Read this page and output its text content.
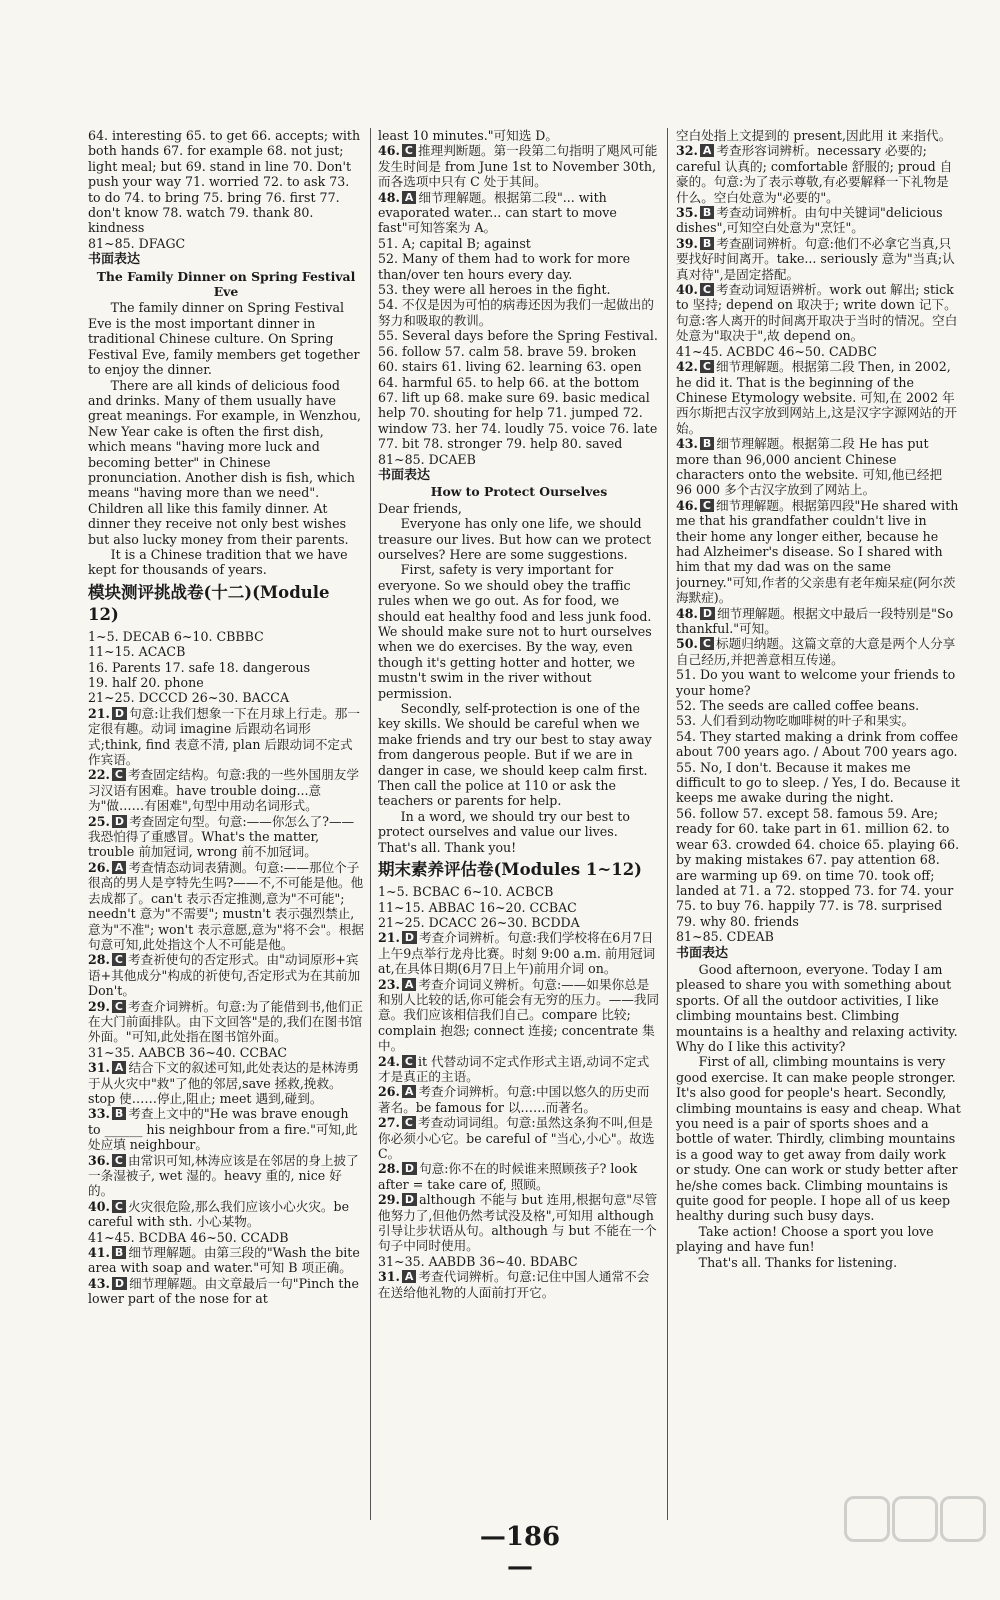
64. interesting 65. to get 66. accepts; with both hands 67. for example 68. not just; light meal; but 69. stand in line 70. Don't push your way 71. worried 72. to ask 73. to do 74. to bring 75. bring 76. first 77. don't know 78. watch 79. thank 80. kindness

81~85. DFAGC

书面表达

The Family Dinner on Spring Festival Eve

The family dinner on Spring Festival Eve is the most important dinner in traditional Chinese culture. On Spring Festival Eve, family members get together to enjoy the dinner.

There are all kinds of delicious food and drinks. Many of them usually have great meanings. For example, in Wenzhou, New Year cake is often the first dish, which means "having more luck and becoming better" in Chinese pronunciation. Another dish is fish, which means "having more than we need". Children all like this family dinner. At dinner they receive not only best wishes but also lucky money from their parents.

It is a Chinese tradition that we have kept for thousands of years.

模块测评挑战卷(十二)(Module 12)

1~5. DECAB 6~10. CBBBC

11~15. ACACB

16. Parents 17. safe 18. dangerous

19. half 20. phone

21~25. DCCCD 26~30. BACCA

21. D 句意:让我们想象一下在月球上行走。那一定很有趣。动词 imagine 后跟动名词形式;think, find 表意不清, plan 后跟动词不定式作宾语。

22. C 考查固定结构。句意:我的一些外国朋友学习汉语有困难。have trouble doing...意为"做……有困难",句型中用动名词形式。

25. D 考查固定句型。句意:——你怎么了?——我恐怕得了重感冒。What's the matter, trouble 前加冠词, wrong 前不加冠词。

26. A 考查情态动词表猜测。句意:——那位个子很高的男人是亨特先生吗?——不,不可能是他。他去成都了。can't 表示否定推测,意为"不可能"; needn't 意为"不需要"; mustn't 表示强烈禁止,意为"不准"; won't 表示意愿,意为"将不会"。根据句意可知,此处指这个人不可能是他。

28. C 考查祈使句的否定形式。由"动词原形+宾语+其他成分"构成的祈使句,否定形式为在其前加 Don't。

29. C 考查介词辨析。句意:为了能借到书,他们正在大门前面排队。由下文回答"是的,我们在图书馆外面。"可知,此处指在图书馆外面。

31~35. AABCB 36~40. CCBAC

31. A 结合下文的叙述可知,此处表达的是林涛勇于从火灾中"救"了他的邻居,save 拯救,挽救。stop 使……停止,阻止; meet 遇到,碰到。

33. B 考查上文中的"He was brave enough to ______ his neighbour from a fire."可知,此处应填 neighbour。

36. C 由常识可知,林涛应该是在邻居的身上披了一条湿被子, wet 湿的。heavy 重的, nice 好的。

40. C 火灾很危险,那么我们应该小心火灾。be careful with sth. 小心某物。

41~45. BCDBA 46~50. CCADB

41. B 细节理解题。由第三段的"Wash the bite area with soap and water."可知 B 项正确。

43. D 细节理解题。由文章最后一句"Pinch the lower part of the nose for at

least 10 minutes."可知选 D。

46. C 推理判断题。第一段第二句指明了飓风可能发生时间是 from June 1st to November 30th,而各选项中只有 C 处于其间。

48. A 细节理解题。根据第二段"... with evaporated water... can start to move fast"可知答案为 A。

51. A; capital B; against

52. Many of them had to work for more than/over ten hours every day.

53. they were all heroes in the fight.

54. 不仅是因为可怕的病毒还因为我们一起做出的努力和吸取的教训。

55. Several days before the Spring Festival.

56. follow 57. calm 58. brave 59. broken 60. stairs 61. living 62. learning 63. open 64. harmful 65. to help 66. at the bottom 67. lift up 68. make sure 69. basic medical help 70. shouting for help 71. jumped 72. window 73. her 74. loudly 75. voice 76. late 77. bit 78. stronger 79. help 80. saved

81~85. DCAEB

书面表达

How to Protect Ourselves

Dear friends,

Everyone has only one life, we should treasure our lives. But how can we protect ourselves? Here are some suggestions.

First, safety is very important for everyone. So we should obey the traffic rules when we go out. As for food, we should eat healthy food and less junk food. We should make sure not to hurt ourselves when we do exercises. By the way, even though it's getting hotter and hotter, we mustn't swim in the river without permission.

Secondly, self-protection is one of the key skills. We should be careful when we make friends and try our best to stay away from dangerous people. But if we are in danger in case, we should keep calm first. Then call the police at 110 or ask the teachers or parents for help.

In a word, we should try our best to protect ourselves and value our lives. That's all. Thank you!

期末素养评估卷(Modules 1~12)

1~5. BCBAC 6~10. ACBCB

11~15. ABBAC 16~20. CCBAC

21~25. DCACC 26~30. BCDDA

21. D 考查介词辨析。句意:我们学校将在6月7日上午9点举行龙舟比赛。时刻 9:00 a.m. 前用冠词 at,在具体日期(6月7日上午)前用介词 on。

23. A 考查介词词义辨析。句意:——如果你总是和别人比较的话,你可能会有无穷的压力。——我同意。我们应该相信我们自己。compare 比较; complain 抱怨; connect 连接; concentrate 集中。

24. C it 代替动词不定式作形式主语,动词不定式才是真正的主语。

26. A 考查介词辨析。句意:中国以悠久的历史而著名。be famous for 以……而著名。

27. C 考查动词词组。句意:虽然这条狗不叫,但是你必须小心它。be careful of "当心,小心"。故选 C。

28. D 句意:你不在的时候谁来照顾孩子? look after = take care of, 照顾。

29. D although 不能与 but 连用,根据句意"尽管他努力了,但他仍然考试没及格",可知用 although 引导让步状语从句。although 与 but 不能在一个句子中同时使用。

31~35. AABDB 36~40. BDABC

31. A 考查代词辨析。句意:记住中国人通常不会在送给他礼物的人面前打开它。

空白处指上文提到的 present,因此用 it 来指代。

32. A 考查形容词辨析。necessary 必要的; careful 认真的; comfortable 舒服的; proud 自豪的。句意:为了表示尊敬,有必要解释一下礼物是什么。空白处意为"必要的"。

35. B 考查动词辨析。由句中关键词"delicious dishes",可知空白处意为"烹饪"。

39. B 考查副词辨析。句意:他们不必拿它当真,只要找好时间离开。take... seriously 意为"当真;认真对待",是固定搭配。

40. C 考查动词短语辨析。work out 解出; stick to 坚持; depend on 取决于; write down 记下。句意:客人离开的时间离开取决于当时的情况。空白处意为"取决于",故 depend on。

41~45. ACBDC 46~50. CADBC

42. C 细节理解题。根据第二段 Then, in 2002, he did it. That is the beginning of the Chinese Etymology website. 可知,在 2002 年西尔斯把古汉字放到网站上,这是汉字字源网站的开始。

43. B 细节理解题。根据第二段 He has put more than 96,000 ancient Chinese characters onto the website. 可知,他已经把 96 000 多个古汉字放到了网站上。

46. C 细节理解题。根据第四段"He shared with me that his grandfather couldn't live in their home any longer either, because he had Alzheimer's disease. So I shared with him that my dad was on the same journey."可知,作者的父亲患有老年痴呆症(阿尔茨海默症)。

48. D 细节理解题。根据文中最后一段特别是"So thankful."可知。

50. C 标题归纳题。这篇文章的大意是两个人分享自己经历,并把善意相互传递。

51. Do you want to welcome your friends to your home?

52. The seeds are called coffee beans.

53. 人们看到动物吃咖啡树的叶子和果实。

54. They started making a drink from coffee about 700 years ago. / About 700 years ago.

55. No, I don't. Because it makes me difficult to go to sleep. / Yes, I do. Because it keeps me awake during the night.

56. follow 57. except 58. famous 59. Are; ready for 60. take part in 61. million 62. to wear 63. crowded 64. choice 65. playing 66. by making mistakes 67. pay attention 68. are warming up 69. on time 70. took off; landed at 71. a 72. stopped 73. for 74. your 75. to buy 76. happily 77. is 78. surprised 79. why 80. friends

81~85. CDEAB

书面表达

Good afternoon, everyone. Today I am pleased to share you with something about sports. Of all the outdoor activities, I like climbing mountains best. Climbing mountains is a healthy and relaxing activity. Why do I like this activity?

First of all, climbing mountains is very good exercise. It can make people stronger. It's also good for people's heart. Secondly, climbing mountains is easy and cheap. What you need is a pair of sports shoes and a bottle of water. Thirdly, climbing mountains is a good way to get away from daily work or study. One can work or study better after he/she comes back. Climbing mountains is quite good for people. I hope all of us keep healthy during such busy days.

Take action! Choose a sport you love playing and have fun!

That's all. Thanks for listening.

—186—
